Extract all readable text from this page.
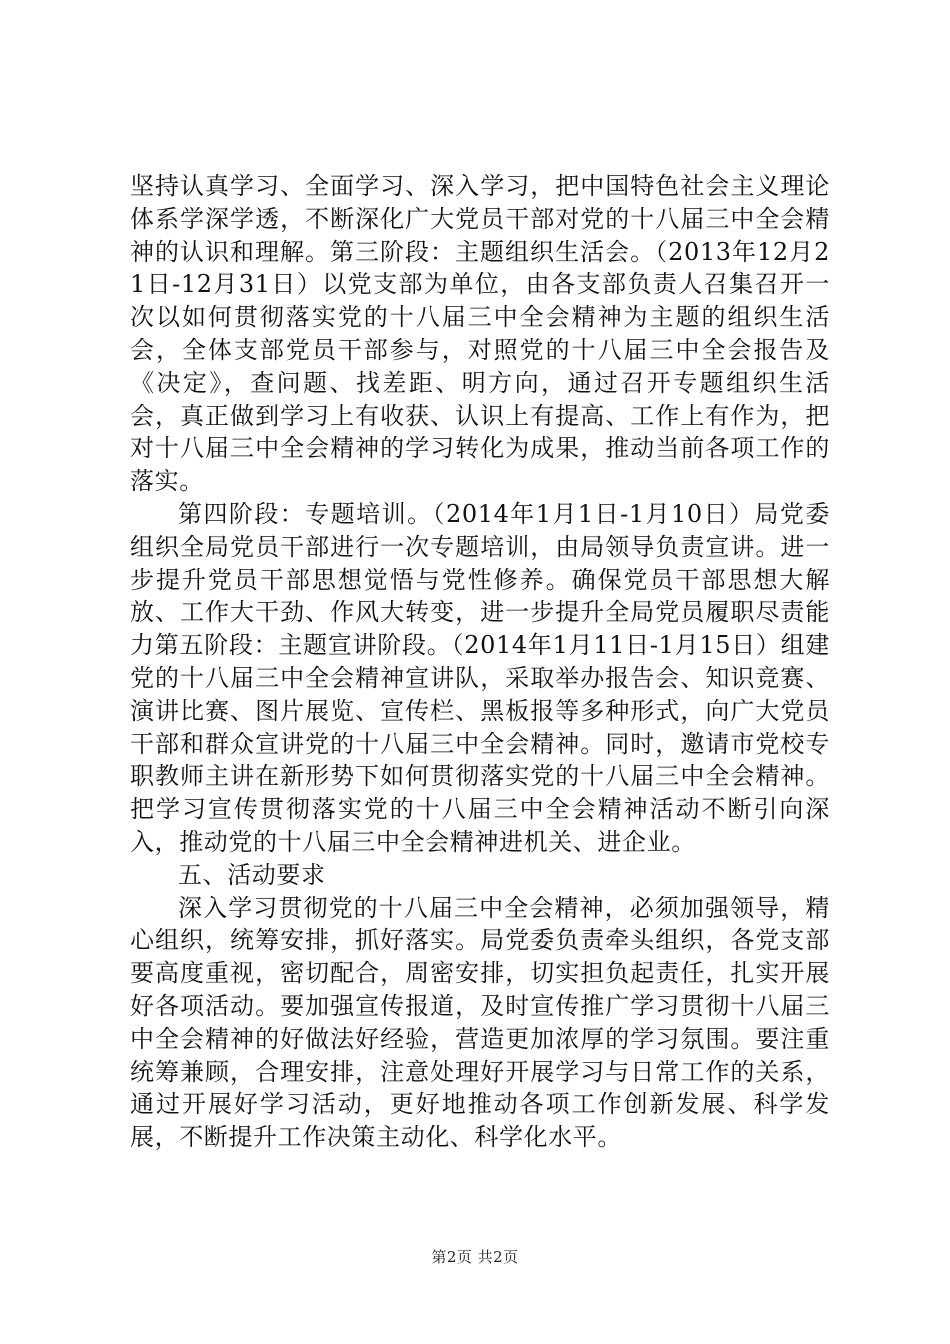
坚持认真学习、全面学习、深入学习，把中国特色社会主义理论体系学深学透，不断深化广大党员干部对党的十八届三中全会精神的认识和理解。第三阶段：主题组织生活会。（2013年12月21日-12月31日）以党支部为单位，由各支部负责人召集召开一次以如何贯彻落实党的十八届三中全会精神为主题的组织生活会，全体支部党员干部参与，对照党的十八届三中全会报告及《决定》，查问题、找差距、明方向，通过召开专题组织生活会，真正做到学习上有收获、认识上有提高、工作上有作为，把对十八届三中全会精神的学习转化为成果，推动当前各项工作的落实。

第四阶段：专题培训。（2014年1月1日-1月10日）局党委组织全局党员干部进行一次专题培训，由局领导负责宣讲。进一步提升党员干部思想觉悟与党性修养。确保党员干部思想大解放、工作大干劲、作风大转变，进一步提升全局党员履职尽责能力第五阶段：主题宣讲阶段。（2014年1月11日-1月15日）组建党的十八届三中全会精神宣讲队，采取举办报告会、知识竞赛、演讲比赛、图片展览、宣传栏、黑板报等多种形式，向广大党员干部和群众宣讲党的十八届三中全会精神。同时，邀请市党校专职教师主讲在新形势下如何贯彻落实党的十八届三中全会精神。把学习宣传贯彻落实党的十八届三中全会精神活动不断引向深入，推动党的十八届三中全会精神进机关、进企业。

五、活动要求

深入学习贯彻党的十八届三中全会精神，必须加强领导，精心组织，统筹安排，抓好落实。局党委负责牵头组织，各党支部要高度重视，密切配合，周密安排，切实担负起责任，扎实开展好各项活动。要加强宣传报道，及时宣传推广学习贯彻十八届三中全会精神的好做法好经验，营造更加浓厚的学习氛围。要注重统筹兼顾，合理安排，注意处理好开展学习与日常工作的关系，通过开展好学习活动，更好地推动各项工作创新发展、科学发展，不断提升工作决策主动化、科学化水平。

第2页 共2页
